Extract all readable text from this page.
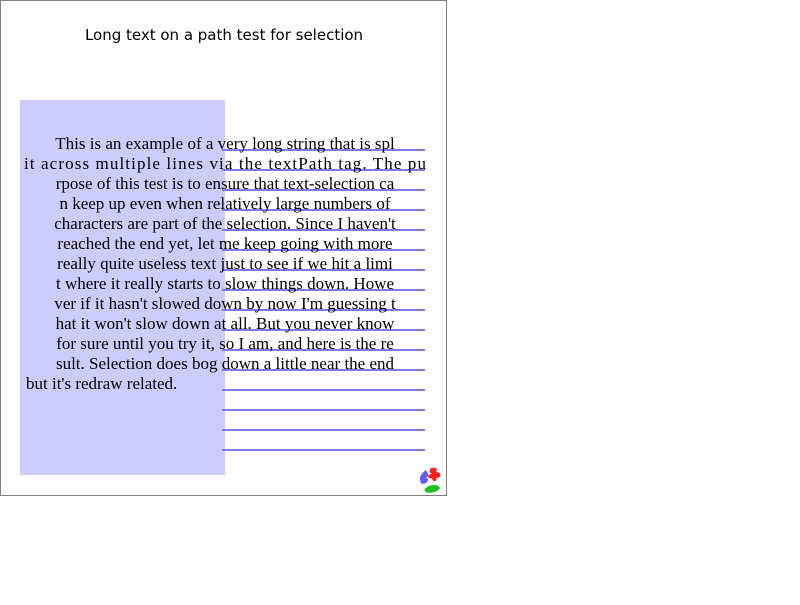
Long text on a path test for selection
This is an example of a very long string that is spl
it across multiple lines via the textPath tag. The pu
rpose of this test is to ensure that text-selection ca
n keep up even when relatively large numbers of
characters are part of the selection. Since I haven't
reached the end yet, let me keep going with more
really quite useless text just to see if we hit a limi
t where it really starts to slow things down. Howe
ver if it hasn't slowed down by now I'm guessing t
hat it won't slow down at all. But you never know
for sure until you try it, so I am, and here is the re
sult. Selection does bog down a little near the end
but it's redraw related.
